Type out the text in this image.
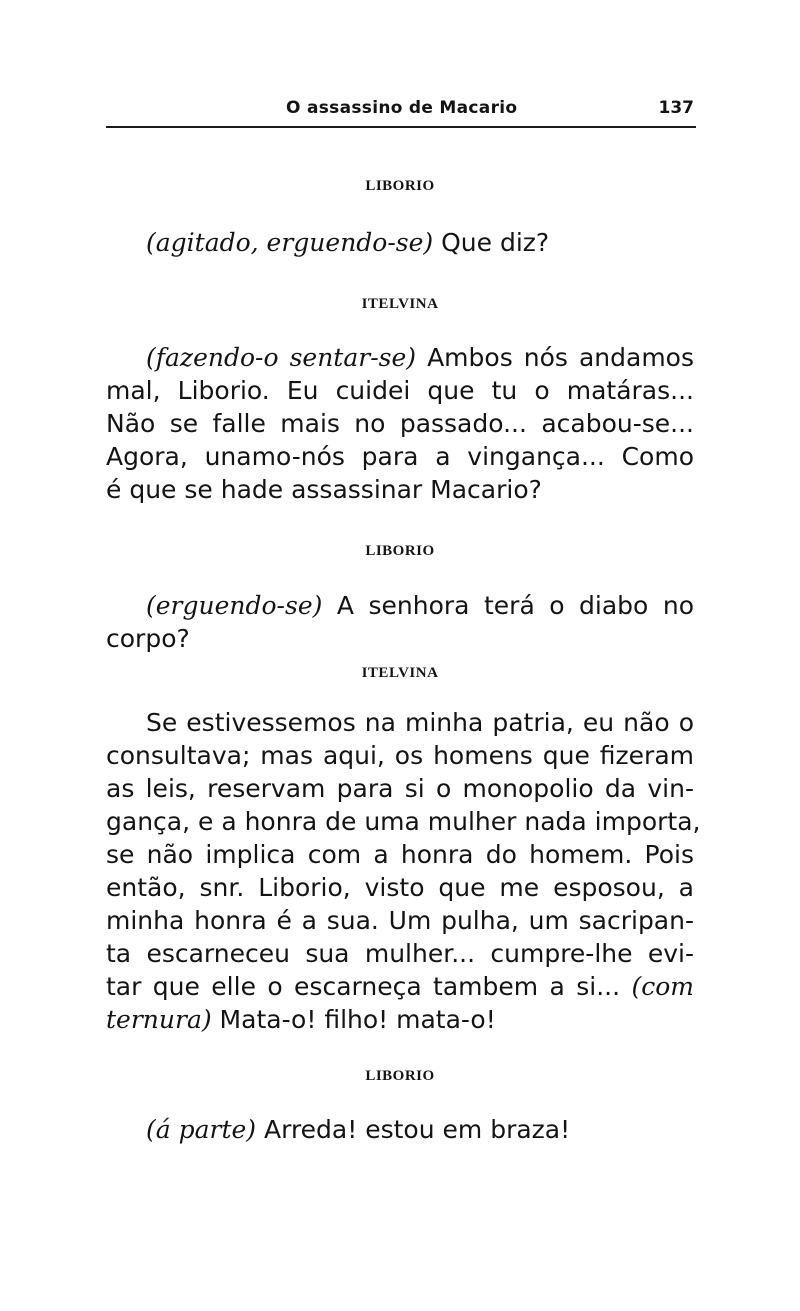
O assassino de Macario	137
LIBORIO
(agitado, erguendo-se) Que diz?
ITELVINA
(fazendo-o sentar-se) Ambos nós andamos
mal, Liborio. Eu cuidei que tu o matáras...
Não se falle mais no passado... acabou-se...
Agora, unamo-nós para a vingança... Como
é que se hade assassinar Macario?
LIBORIO
(erguendo-se) A senhora terá o diabo no
corpo?
ITELVINA
Se estivessemos na minha patria, eu não o
consultava; mas aqui, os homens que fizeram
as leis, reservam para si o monopolio da vin-
gança, e a honra de uma mulher nada importa,
se não implica com a honra do homem. Pois
então, snr. Liborio, visto que me esposou, a
minha honra é a sua. Um pulha, um sacripan-
ta escarneceu sua mulher... cumpre-lhe evi-
tar que elle o escarneça tambem a si... (com
ternura) Mata-o! filho! mata-o!
LIBORIO
(á parte) Arreda! estou em braza!
